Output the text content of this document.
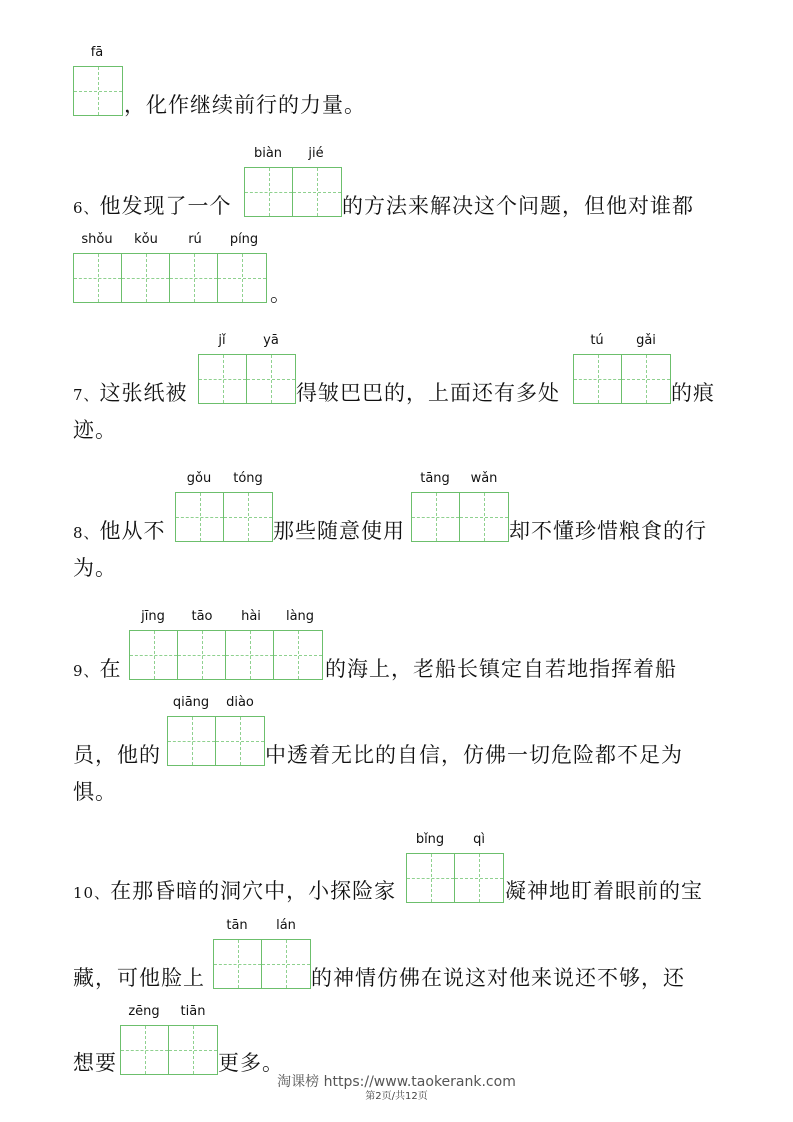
fā
，化作继续前行的力量。
biàn	jié
6、他发现了一个	的方法来解决这个问题，但他对谁都
shǒu	kǒu	rú	píng
。
jǐ	yā	tú	gǎi
7、这张纸被	得皱巴巴的，上面还有多处	的痕
迹。
gǒu	tóng	tāng	wǎn
8、他从不	那些随意使用	却不懂珍惜粮食的行
为。
jīng	tāo	hài	làng
9、在	的海上，老船长镇定自若地指挥着船
qiāng	diào
员，他的	中透着无比的自信，仿佛一切危险都不足为
惧。
bǐng	qì
10、在那昏暗的洞穴中，小探险家	凝神地盯着眼前的宝
tān	lán
藏，可他脸上	的神情仿佛在说这对他来说还不够，还
zēng	tiān
想要	更多。
淘课榜 https://www.taokerank.com
第2页/共12页
